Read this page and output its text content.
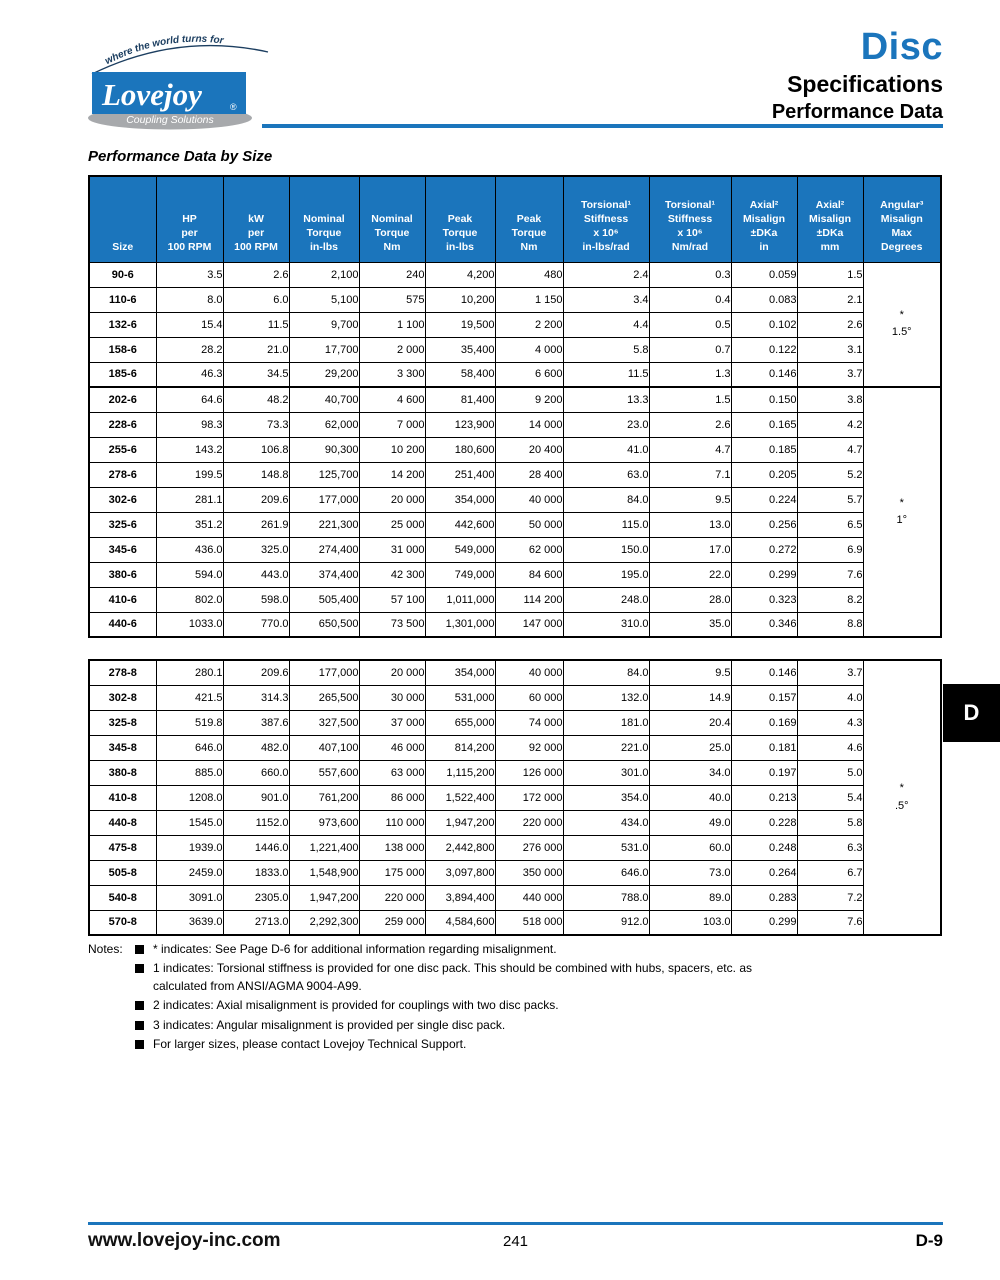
where the world turns for
Lovejoy	®
Coupling Solutions
Disc
Specifications
Performance Data
Performance Data by Size
Size

HP
per
100 RPM

kW
per
100 RPM

Nominal
Torque
in-lbs

Nominal
Torque
Nm

Peak
Torque
in-lbs

Peak
Torque
Nm

Torsional¹
Stiffness
x 10⁶
in-lbs/rad

Torsional¹
Stiffness
x 10⁶
Nm/rad

Axial²
Misalign
±DKa
in

Axial²
Misalign
±DKa
mm

Angular³
Misalign
Max
Degrees

90-6	3.5	2.6	2,100	240	4,200	480	2.4	0.3	0.059	1.5	*
1.5°

110-6	8.0	6.0	5,100	575	10,200	1 150	3.4	0.4	0.083	2.1	
132-6	15.4	11.5	9,700	1 100	19,500	2 200	4.4	0.5	0.102	2.6	
158-6	28.2	21.0	17,700	2 000	35,400	4 000	5.8	0.7	0.122	3.1	
185-6	46.3	34.5	29,200	3 300	58,400	6 600	11.5	1.3	0.146	3.7	
202-6	64.6	48.2	40,700	4 600	81,400	9 200	13.3	1.5	0.150	3.8	*
1°

228-6	98.3	73.3	62,000	7 000	123,900	14 000	23.0	2.6	0.165	4.2	
255-6	143.2	106.8	90,300	10 200	180,600	20 400	41.0	4.7	0.185	4.7	
278-6	199.5	148.8	125,700	14 200	251,400	28 400	63.0	7.1	0.205	5.2	
302-6	281.1	209.6	177,000	20 000	354,000	40 000	84.0	9.5	0.224	5.7	
325-6	351.2	261.9	221,300	25 000	442,600	50 000	115.0	13.0	0.256	6.5	
345-6	436.0	325.0	274,400	31 000	549,000	62 000	150.0	17.0	0.272	6.9	
380-6	594.0	443.0	374,400	42 300	749,000	84 600	195.0	22.0	0.299	7.6	
410-6	802.0	598.0	505,400	57 100	1,011,000	114 200	248.0	28.0	0.323	8.2	
440-6	1033.0	770.0	650,500	73 500	1,301,000	147 000	310.0	35.0	0.346	8.8	
278-8	280.1	209.6	177,000	20 000	354,000	40 000	84.0	9.5	0.146	3.7	*
.5°

302-8	421.5	314.3	265,500	30 000	531,000	60 000	132.0	14.9	0.157	4.0	
325-8	519.8	387.6	327,500	37 000	655,000	74 000	181.0	20.4	0.169	4.3	
345-8	646.0	482.0	407,100	46 000	814,200	92 000	221.0	25.0	0.181	4.6	
380-8	885.0	660.0	557,600	63 000	1,115,200	126 000	301.0	34.0	0.197	5.0	
410-8	1208.0	901.0	761,200	86 000	1,522,400	172 000	354.0	40.0	0.213	5.4	
440-8	1545.0	1152.0	973,600	110 000	1,947,200	220 000	434.0	49.0	0.228	5.8	
475-8	1939.0	1446.0	1,221,400	138 000	2,442,800	276 000	531.0	60.0	0.248	6.3	
505-8	2459.0	1833.0	1,548,900	175 000	3,097,800	350 000	646.0	73.0	0.264	6.7	
540-8	3091.0	2305.0	1,947,200	220 000	3,894,400	440 000	788.0	89.0	0.283	7.2	
570-8	3639.0	2713.0	2,292,300	259 000	4,584,600	518 000	912.0	103.0	0.299	7.6	
Notes:	* indicates: See Page D-6 for additional information regarding misalignment.
1 indicates: Torsional stiffness is provided for one disc pack. This should be combined with hubs, spacers, etc. as calculated from ANSI/AGMA 9004-A99.
2 indicates: Axial misalignment is provided for couplings with two disc packs.
3 indicates: Angular misalignment is provided per single disc pack.
For larger sizes, please contact Lovejoy Technical Support.
D
www.lovejoy-inc.com	241	D-9
